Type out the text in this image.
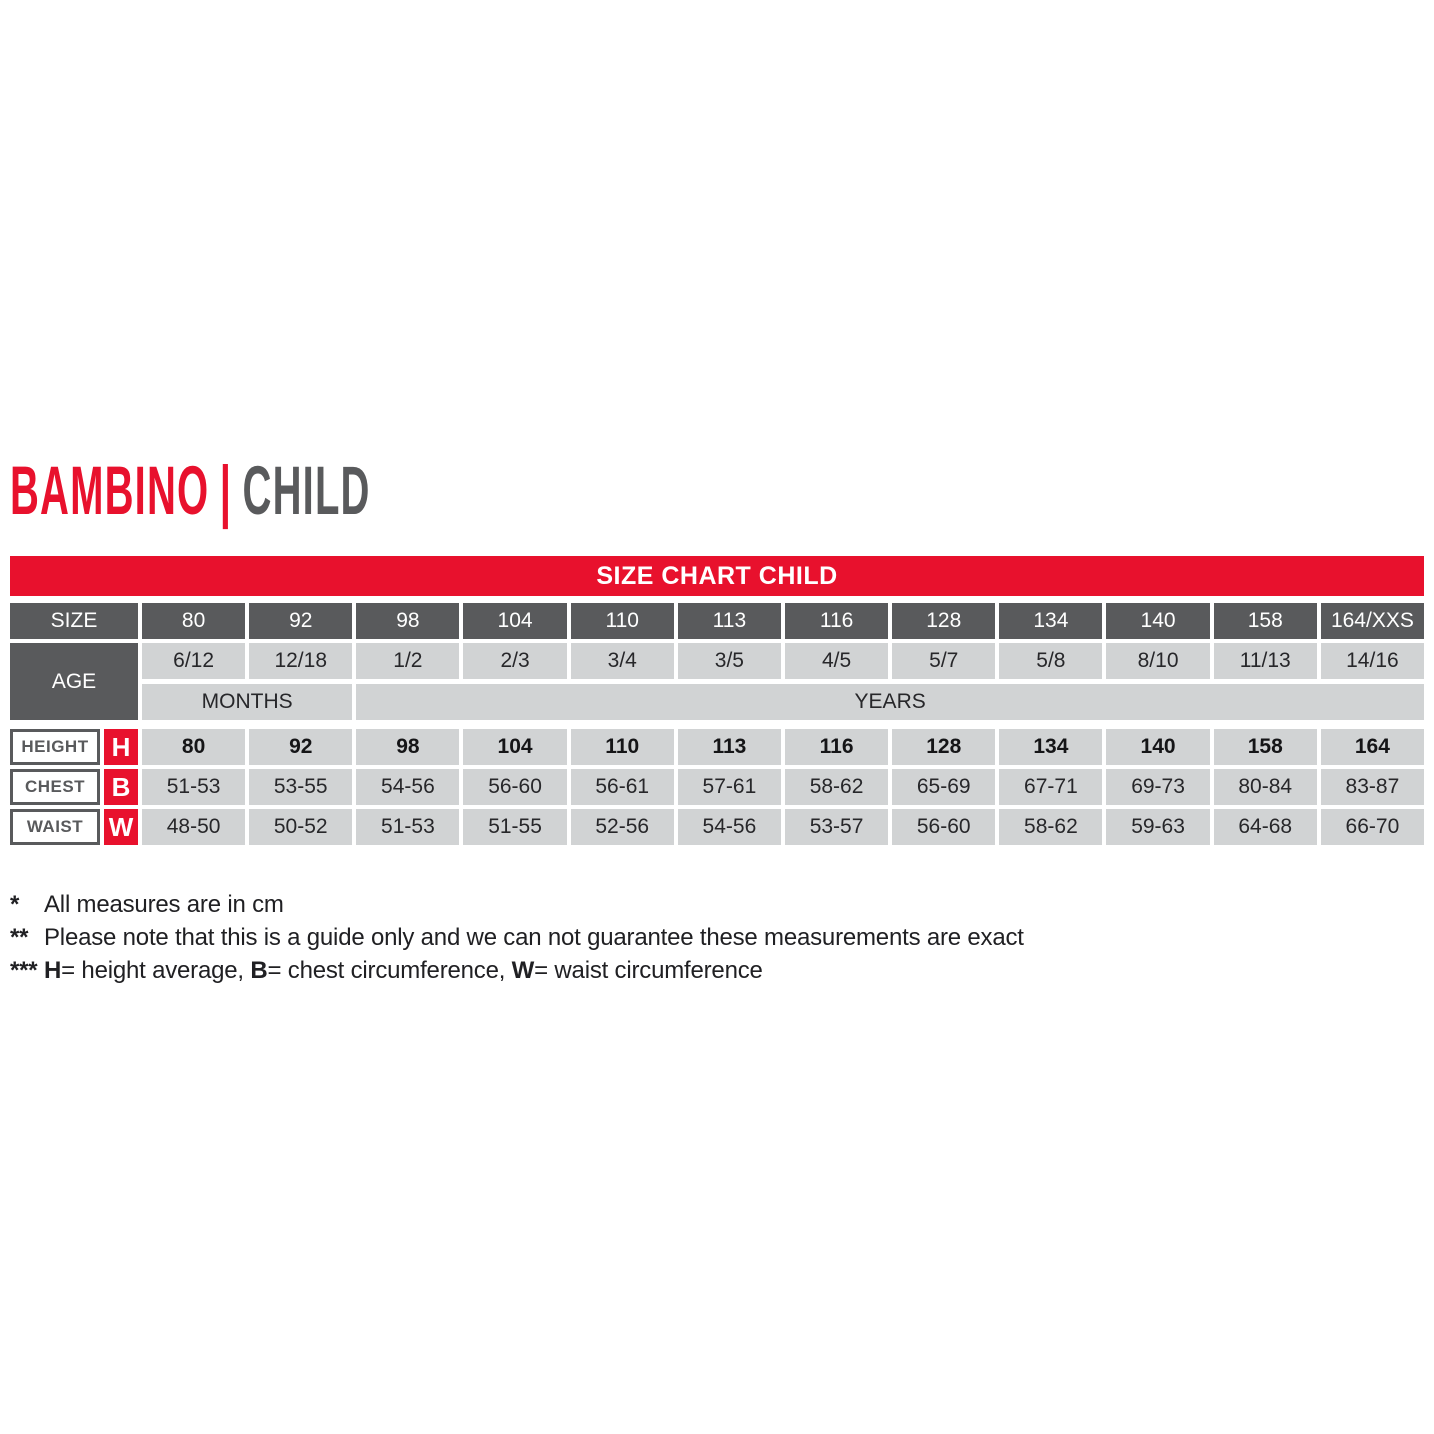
BAMBINO | CHILD
SIZE CHART CHILD
SIZE	80	92	98	104	110	113	116	128	134	140	158	164/XXS
AGE
6/12	12/18	1/2	2/3	3/4	3/5	4/5	5/7	5/8	8/10	11/13	14/16
MONTHS	YEARS
HEIGHT H	80	92	98	104	110	113	116	128	134	140	158	164
CHEST	B	51-53	53-55	54-56	56-60	56-61	57-61	58-62	65-69	67-71	69-73	80-84	83-87
WAIST W	48-50	50-52	51-53	51-55	52-56	54-56	53-57	56-60	58-62	59-63	64-68	66-70
*	All measures are in cm
** Please note that this is a guide only and we can not guarantee these measurements are exact
*** H= height average, B= chest circumference, W= waist circumference
